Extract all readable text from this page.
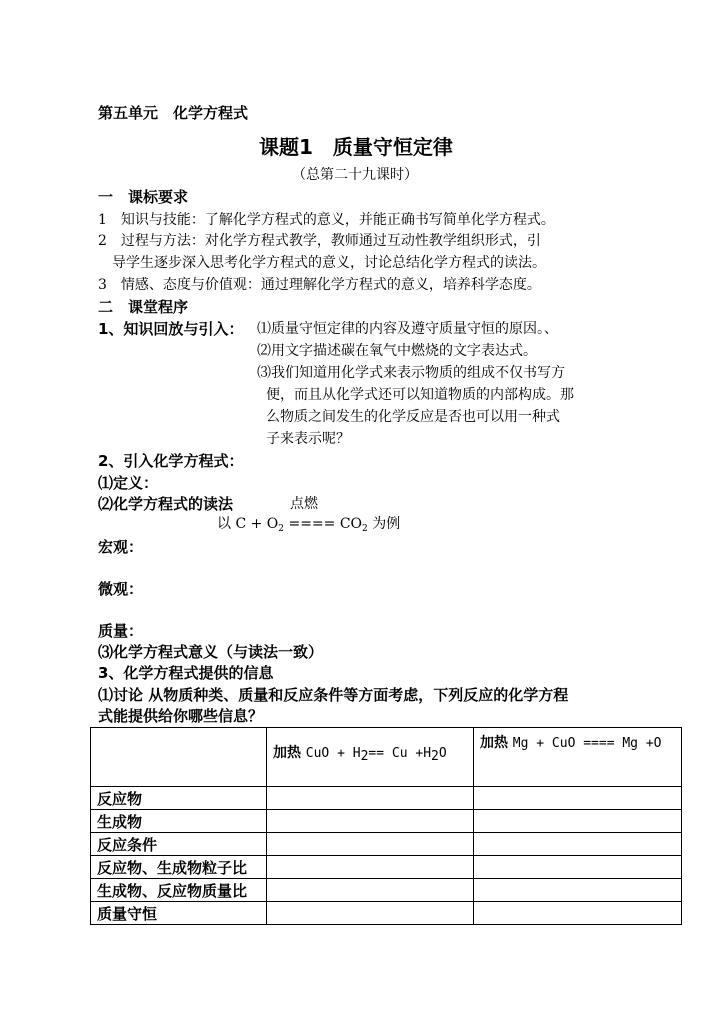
第五单元　化学方程式
课题1　质量守恒定律
（总第二十九课时）
一　课标要求
1　知识与技能：了解化学方程式的意义，并能正确书写简单化学方程式。
2　过程与方法：对化学方程式教学，教师通过互动性教学组织形式，引
导学生逐步深入思考化学方程式的意义，讨论总结化学方程式的读法。
3　情感、态度与价值观：通过理解化学方程式的意义，培养科学态度。
二　课堂程序
1、知识回放与引入： ⑴质量守恒定律的内容及遵守质量守恒的原因。、
⑵用文字描述碳在氧气中燃烧的文字表达式。
⑶我们知道用化学式来表示物质的组成不仅书写方
便，而且从化学式还可以知道物质的内部构成。那
么物质之间发生的化学反应是否也可以用一种式
子来表示呢？
2、引入化学方程式：
⑴定义：
⑵化学方程式的读法	点燃
以 $C + O_2$ ==== $CO_2$ 为例
宏观：
微观：
质量：
⑶化学方程式意义（与读法一致）
3、化学方程式提供的信息
⑴讨论 从物质种类、质量和反应条件等方面考虑，下列反应的化学方程
式能提供给你哪些信息？
	加热 CuO + $H_2== Cu +H_2O$	加热 Mg + CuO ==== Mg +O
反应物		
生成物		
反应条件		
反应物、生成物粒子比		
生成物、反应物质量比		
质量守恒		
